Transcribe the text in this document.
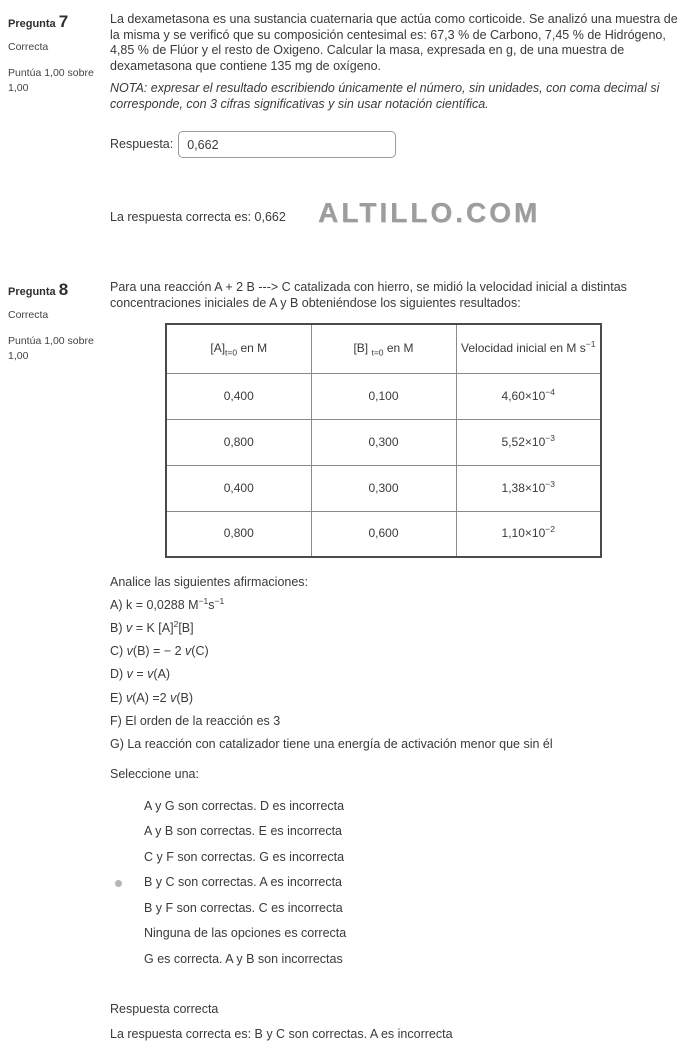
Pregunta 7
Correcta
Puntúa 1,00 sobre 1,00

La dexametasona es una sustancia cuaternaria que actúa como corticoide. Se analizó una muestra de la misma y se verificó que su composición centesimal es: 67,3 % de Carbono, 7,45 % de Hidrógeno, 4,85 % de Flúor y el resto de Oxigeno. Calcular la masa, expresada en g, de una muestra de dexametasona que contiene 135 mg de oxígeno.

NOTA: expresar el resultado escribiendo únicamente el número, sin unidades, con coma decimal si corresponde, con 3 cifras significativas y sin usar notación científica.

Respuesta:
0,662
La respuesta correcta es: 0,662	ALTILLO.COM
Pregunta 8
Correcta
Puntúa 1,00 sobre 1,00

Para una reacción A + 2 B ---> C catalizada con hierro, se midió la velocidad inicial a distintas concentraciones iniciales de A y B obteniéndose los siguientes resultados:

$[A]_{t=0}$ en M	[B] $_{t=0}$ en M	Velocidad inicial en M $s^{-1}$
0,400	0,100	$4,60\times 10^{-4}$
0,800	0,300	$5,52\times 10^{-3}$
0,400	0,300	$1,38\times 10^{-3}$
0,800	0,600	$1,10\times 10^{-2}$
Analice las siguientes afirmaciones:
A) k = 0,0288 $M^{-1}s^{-1}$
B) v = K $[A]^2[B]$
C) v(B) = − 2 v(C)
D) v = v(A)
E) v(A) =2 v(B)
F) El orden de la reacción es 3
G) La reacción con catalizador tiene una energía de activación menor que sin él
Seleccione una:
A y G son correctas. D es incorrecta
A y B son correctas. E es incorrecta
C y F son correctas. G es incorrecta
B y C son correctas. A es incorrecta
B y F son correctas. C es incorrecta
Ninguna de las opciones es correcta
G es correcta. A y B son incorrectas
Respuesta correcta
La respuesta correcta es: B y C son correctas. A es incorrecta
